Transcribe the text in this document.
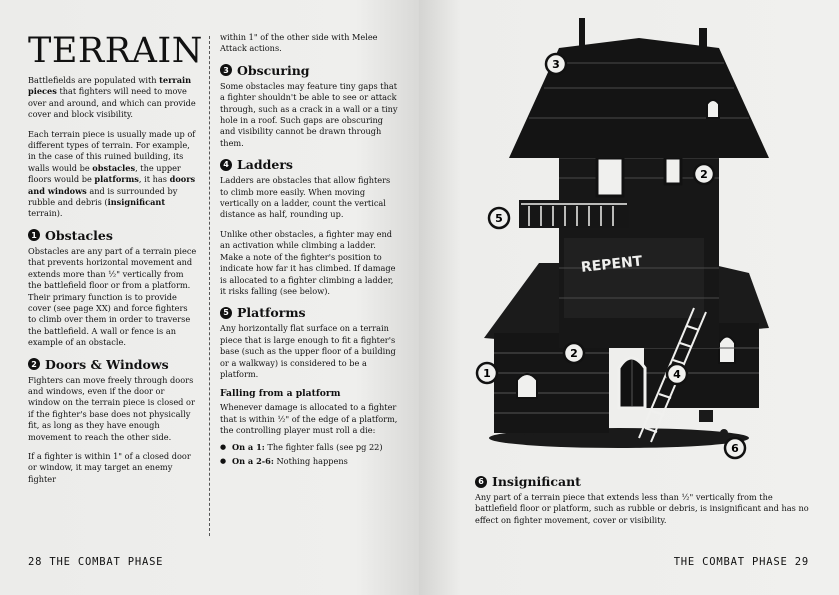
TERRAIN

Battlefields are populated with terrain pieces that fighters will need to move over and around, and which can provide cover and block visibility.

Each terrain piece is usually made up of different types of terrain. For example, in the case of this ruined building, its walls would be obstacles, the upper floors would be platforms, it has doors and windows and is surrounded by rubble and debris (insignificant terrain).

1 Obstacles

Obstacles are any part of a terrain piece that prevents horizontal movement and extends more than ½" vertically from the battlefield floor or from a platform. Their primary function is to provide cover (see page XX) and force fighters to climb over them in order to traverse the battlefield. A wall or fence is an example of an obstacle.

2 Doors & Windows

Fighters can move freely through doors and windows, even if the door or window on the terrain piece is closed or if the fighter's base does not physically fit, as long as they have enough movement to reach the other side.

If a fighter is within 1" of a closed door or window, it may target an enemy fighter

within 1" of the other side with Melee Attack actions.

3 Obscuring

Some obstacles may feature tiny gaps that a fighter shouldn't be able to see or attack through, such as a crack in a wall or a tiny hole in a roof. Such gaps are obscuring and visibility cannot be drawn through them.

4 Ladders

Ladders are obstacles that allow fighters to climb more easily. When moving vertically on a ladder, count the vertical distance as half, rounding up.

Unlike other obstacles, a fighter may end an activation while climbing a ladder. Make a note of the fighter's position to indicate how far it has climbed. If damage is allocated to a fighter climbing a ladder, it risks falling (see below).

5 Platforms

Any horizontally flat surface on a terrain piece that is large enough to fit a fighter's base (such as the upper floor of a building or a walkway) is considered to be a platform.

Falling from a platform

Whenever damage is allocated to a fighter that is within ½" of the edge of a platform, the controlling player must roll a die:

● On a 1: The fighter falls (see pg 22)
● On a 2-6: Nothing happens
28 THE COMBAT PHASE
REPENT
1
2
2
3
4
5
6
6 Insignificant

Any part of a terrain piece that extends less than ½" vertically from the battlefield floor or platform, such as rubble or debris, is insignificant and has no effect on fighter movement, cover or visibility.

THE COMBAT PHASE 29
